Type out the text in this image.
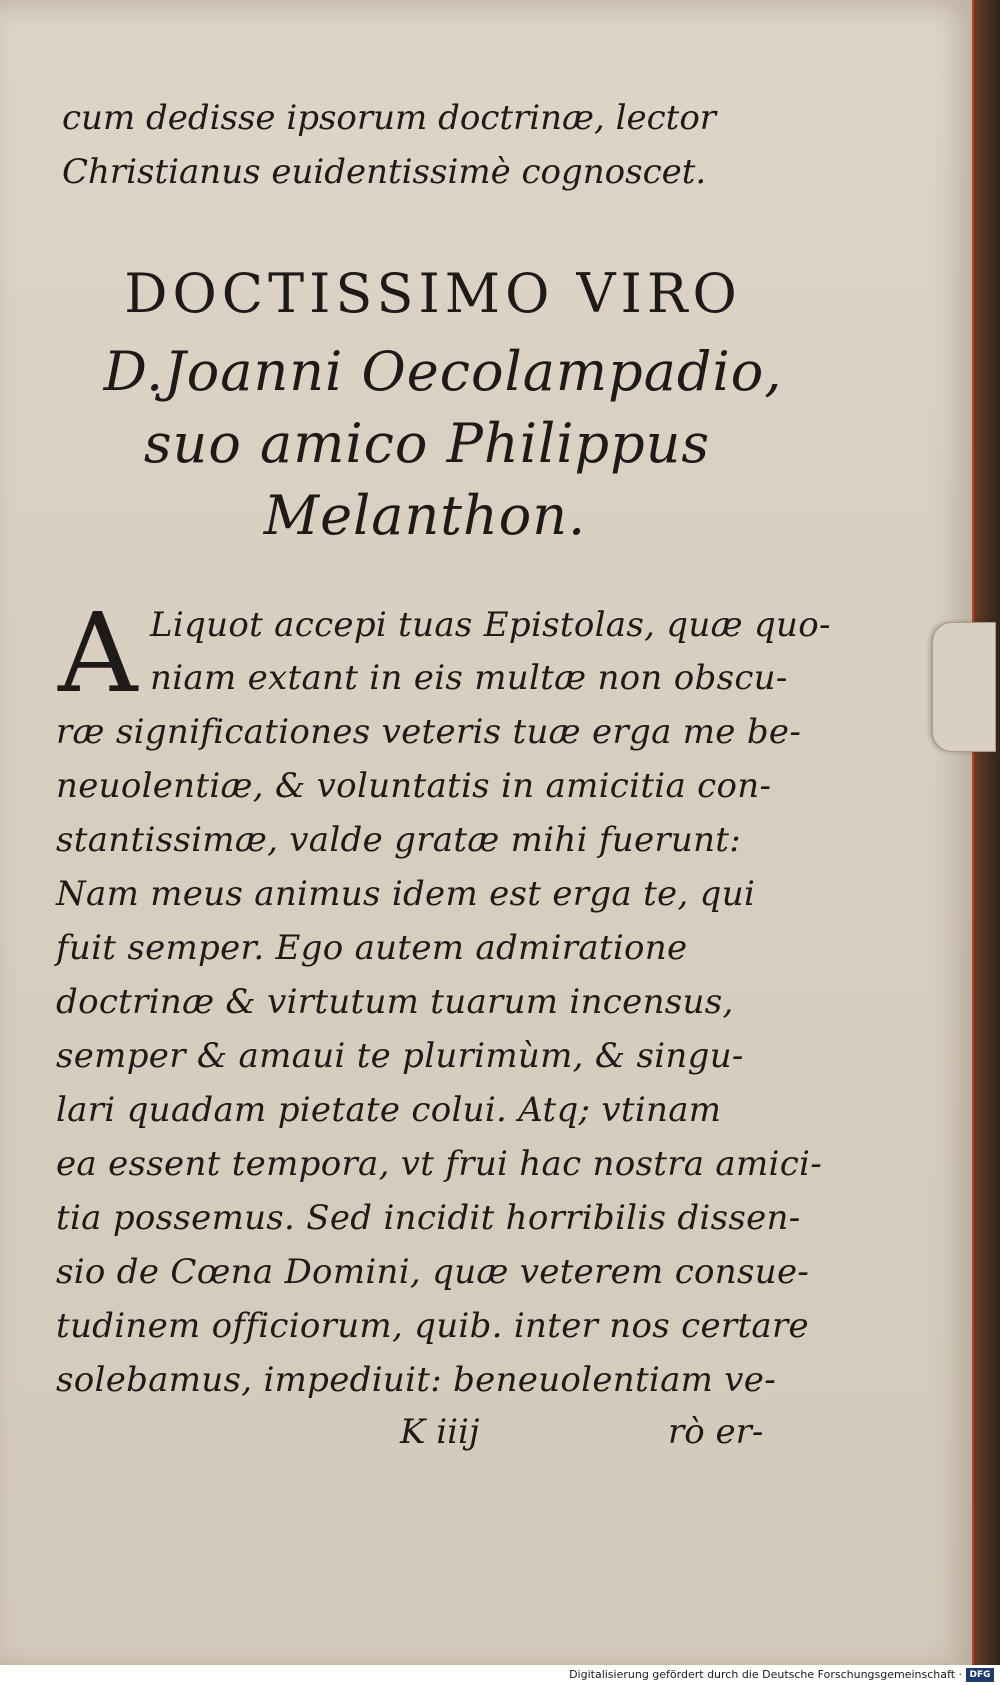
cum dedisse ipsorum doctrinæ, lector
Christianus euidentissimè cognoscet.
DOCTISSIMO VIRO
D.Joanni Oecolampadio,
suo amico Philippus
Melanthon.
A Liquot accepi tuas Epistolas, quæ quo-
niam extant in eis multæ non obscu-
ræ significationes veteris tuæ erga me be-
neuolentiæ, & voluntatis in amicitia con-
stantissimæ, valde gratæ mihi fuerunt:
Nam meus animus idem est erga te, qui
fuit semper. Ego autem admiratione
doctrinæ & virtutum tuarum incensus,
semper & amaui te plurimùm, & singu-
lari quadam pietate colui. Atq; vtinam
ea essent tempora, vt frui hac nostra amici-
tia possemus. Sed incidit horribilis dissen-
sio de Cœna Domini, quæ veterem consue-
tudinem officiorum, quib. inter nos certare
solebamus, impediuit: beneuolentiam ve-
K iiij	rò er-
Digitalisierung gefördert durch die Deutsche Forschungsgemeinschaft · DFG
